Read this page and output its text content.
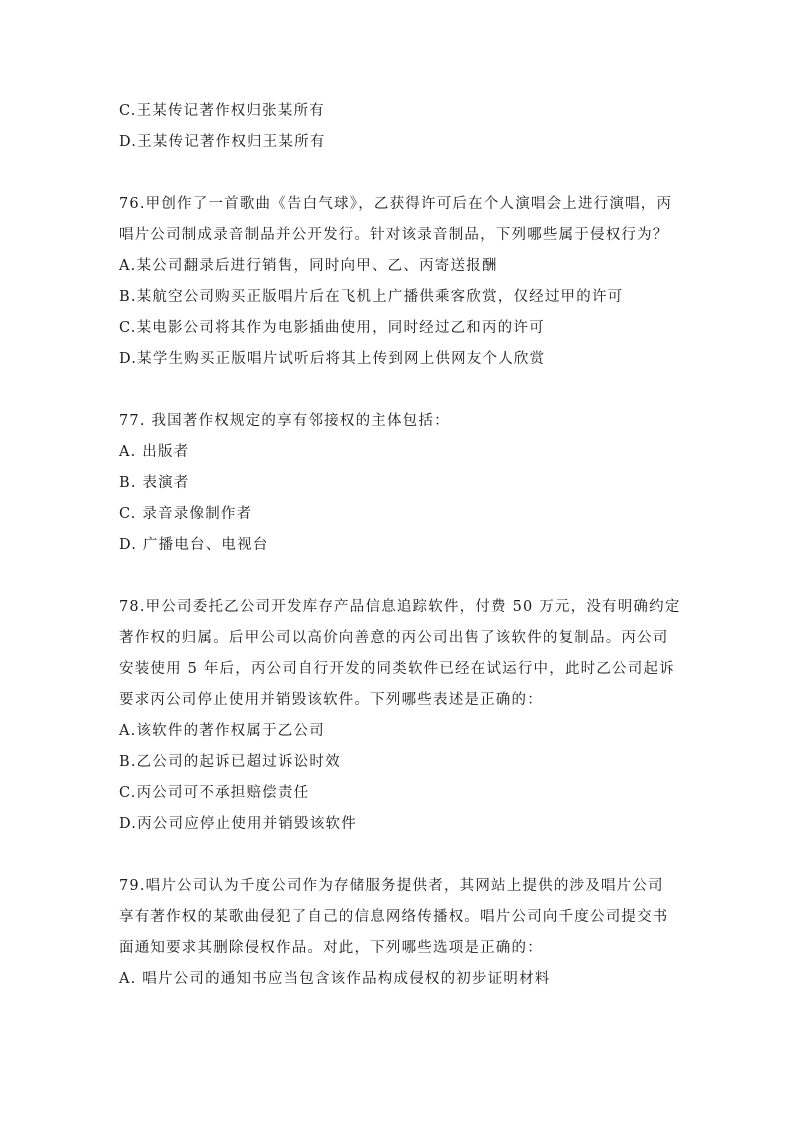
C.王某传记著作权归张某所有
D.王某传记著作权归王某所有
76.甲创作了一首歌曲《告白气球》，乙获得许可后在个人演唱会上进行演唱，丙
唱片公司制成录音制品并公开发行。针对该录音制品，下列哪些属于侵权行为？
A.某公司翻录后进行销售，同时向甲、乙、丙寄送报酬
B.某航空公司购买正版唱片后在飞机上广播供乘客欣赏，仅经过甲的许可
C.某电影公司将其作为电影插曲使用，同时经过乙和丙的许可
D.某学生购买正版唱片试听后将其上传到网上供网友个人欣赏
77. 我国著作权规定的享有邻接权的主体包括：
A. 出版者
B. 表演者
C. 录音录像制作者
D. 广播电台、电视台
78.甲公司委托乙公司开发库存产品信息追踪软件，付费 50 万元，没有明确约定
著作权的归属。后甲公司以高价向善意的丙公司出售了该软件的复制品。丙公司
安装使用 5 年后，丙公司自行开发的同类软件已经在试运行中，此时乙公司起诉
要求丙公司停止使用并销毁该软件。下列哪些表述是正确的：
A.该软件的著作权属于乙公司
B.乙公司的起诉已超过诉讼时效
C.丙公司可不承担赔偿责任
D.丙公司应停止使用并销毁该软件
79.唱片公司认为千度公司作为存储服务提供者，其网站上提供的涉及唱片公司
享有著作权的某歌曲侵犯了自己的信息网络传播权。唱片公司向千度公司提交书
面通知要求其删除侵权作品。对此，下列哪些选项是正确的：
A. 唱片公司的通知书应当包含该作品构成侵权的初步证明材料
